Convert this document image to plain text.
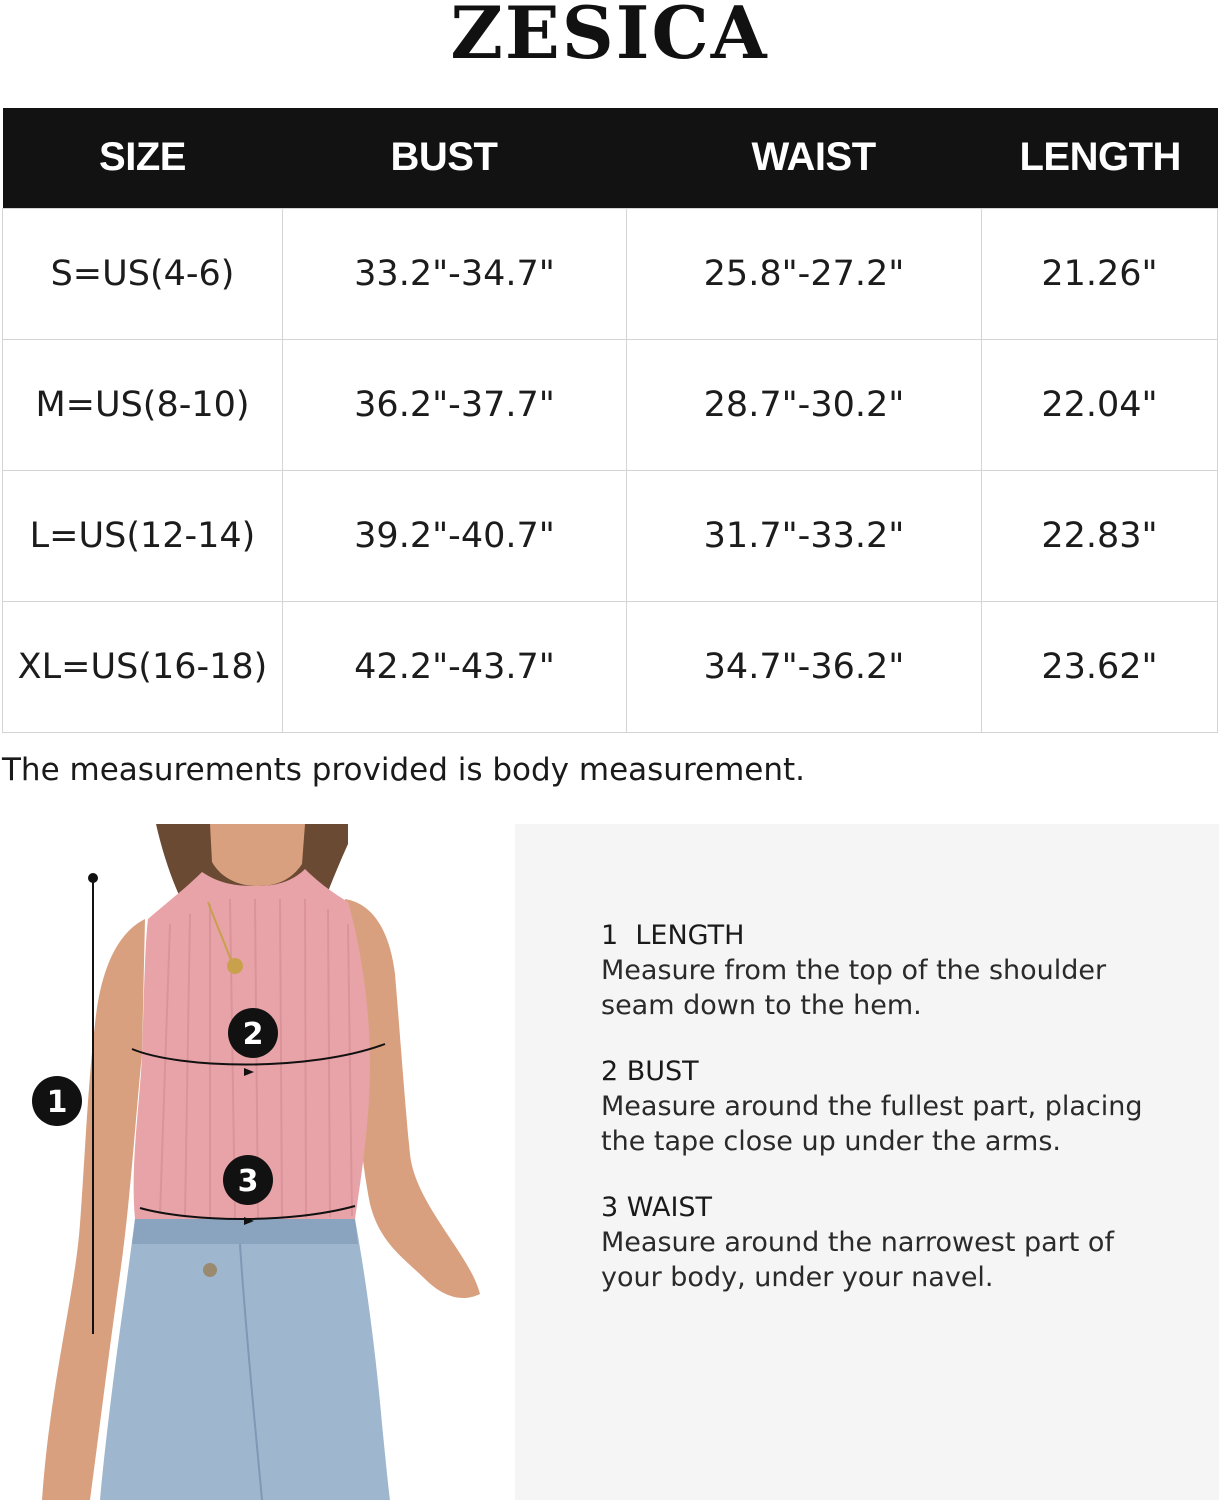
ZESICA
SIZE	BUST	WAIST	LENGTH
S=US(4-6)	33.2"-34.7"	25.8"-27.2"	21.26"
M=US(8-10)	36.2"-37.7"	28.7"-30.2"	22.04"
L=US(12-14)	39.2"-40.7"	31.7"-33.2"	22.83"
XL=US(16-18)	42.2"-43.7"	34.7"-36.2"	23.62"
The measurements provided is body measurement.
1
2
3
1  LENGTH
Measure from the top of the shoulder
seam down to the hem.
2 BUST
Measure around the fullest part, placing
the tape close up under the arms.
3 WAIST
Measure around the narrowest part of
your body, under your navel.
